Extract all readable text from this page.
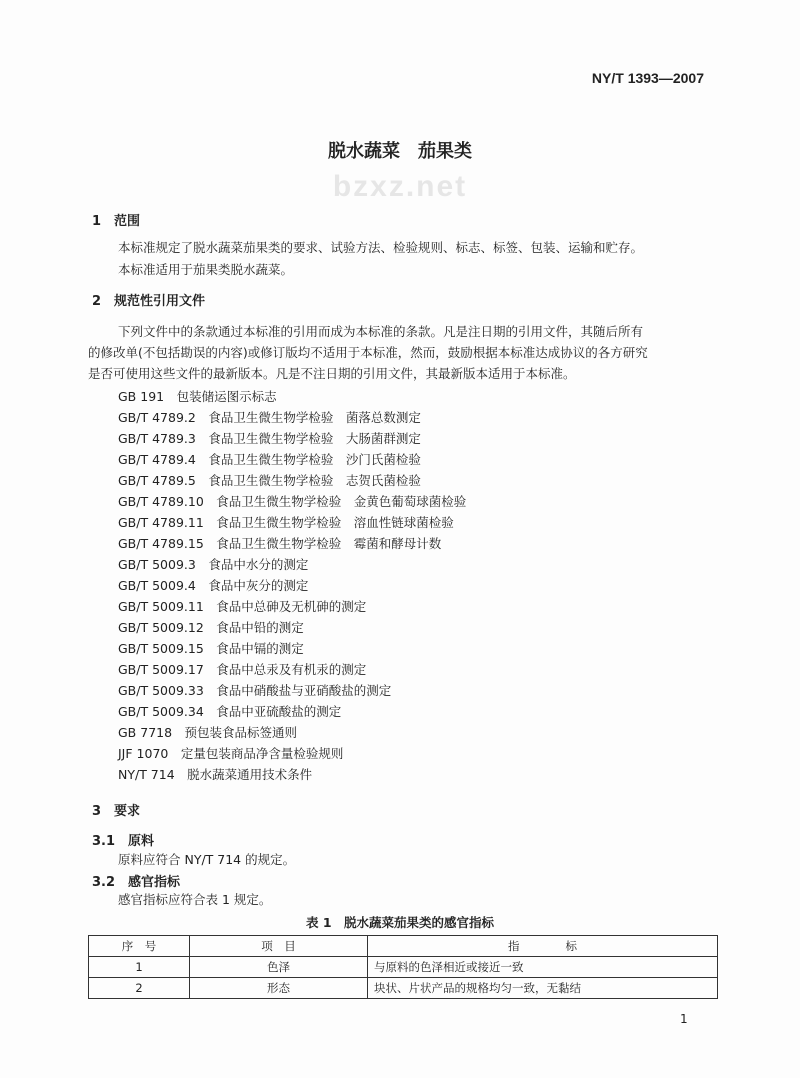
NY/T 1393—2007
脱水蔬菜　茄果类
bzxz.net
1　范围
本标准规定了脱水蔬菜茄果类的要求、试验方法、检验规则、标志、标签、包装、运输和贮存。
本标准适用于茄果类脱水蔬菜。
2　规范性引用文件
下列文件中的条款通过本标准的引用而成为本标准的条款。凡是注日期的引用文件，其随后所有
的修改单(不包括勘误的内容)或修订版均不适用于本标准，然而，鼓励根据本标准达成协议的各方研究
是否可使用这些文件的最新版本。凡是不注日期的引用文件，其最新版本适用于本标准。
GB 191　包装储运图示标志
GB/T 4789.2　食品卫生微生物学检验　菌落总数测定
GB/T 4789.3　食品卫生微生物学检验　大肠菌群测定
GB/T 4789.4　食品卫生微生物学检验　沙门氏菌检验
GB/T 4789.5　食品卫生微生物学检验　志贺氏菌检验
GB/T 4789.10　食品卫生微生物学检验　金黄色葡萄球菌检验
GB/T 4789.11　食品卫生微生物学检验　溶血性链球菌检验
GB/T 4789.15　食品卫生微生物学检验　霉菌和酵母计数
GB/T 5009.3　食品中水分的测定
GB/T 5009.4　食品中灰分的测定
GB/T 5009.11　食品中总砷及无机砷的测定
GB/T 5009.12　食品中铅的测定
GB/T 5009.15　食品中镉的测定
GB/T 5009.17　食品中总汞及有机汞的测定
GB/T 5009.33　食品中硝酸盐与亚硝酸盐的测定
GB/T 5009.34　食品中亚硫酸盐的测定
GB 7718　预包装食品标签通则
JJF 1070　定量包装商品净含量检验规则
NY/T 714　脱水蔬菜通用技术条件
3　要求
3.1　原料
原料应符合 NY/T 714 的规定。
3.2　感官指标
感官指标应符合表 1 规定。
表 1　脱水蔬菜茄果类的感官指标
序　号	项　目	指　　　　标
1	色泽	与原料的色泽相近或接近一致
2	形态	块状、片状产品的规格均匀一致，无黏结
1
